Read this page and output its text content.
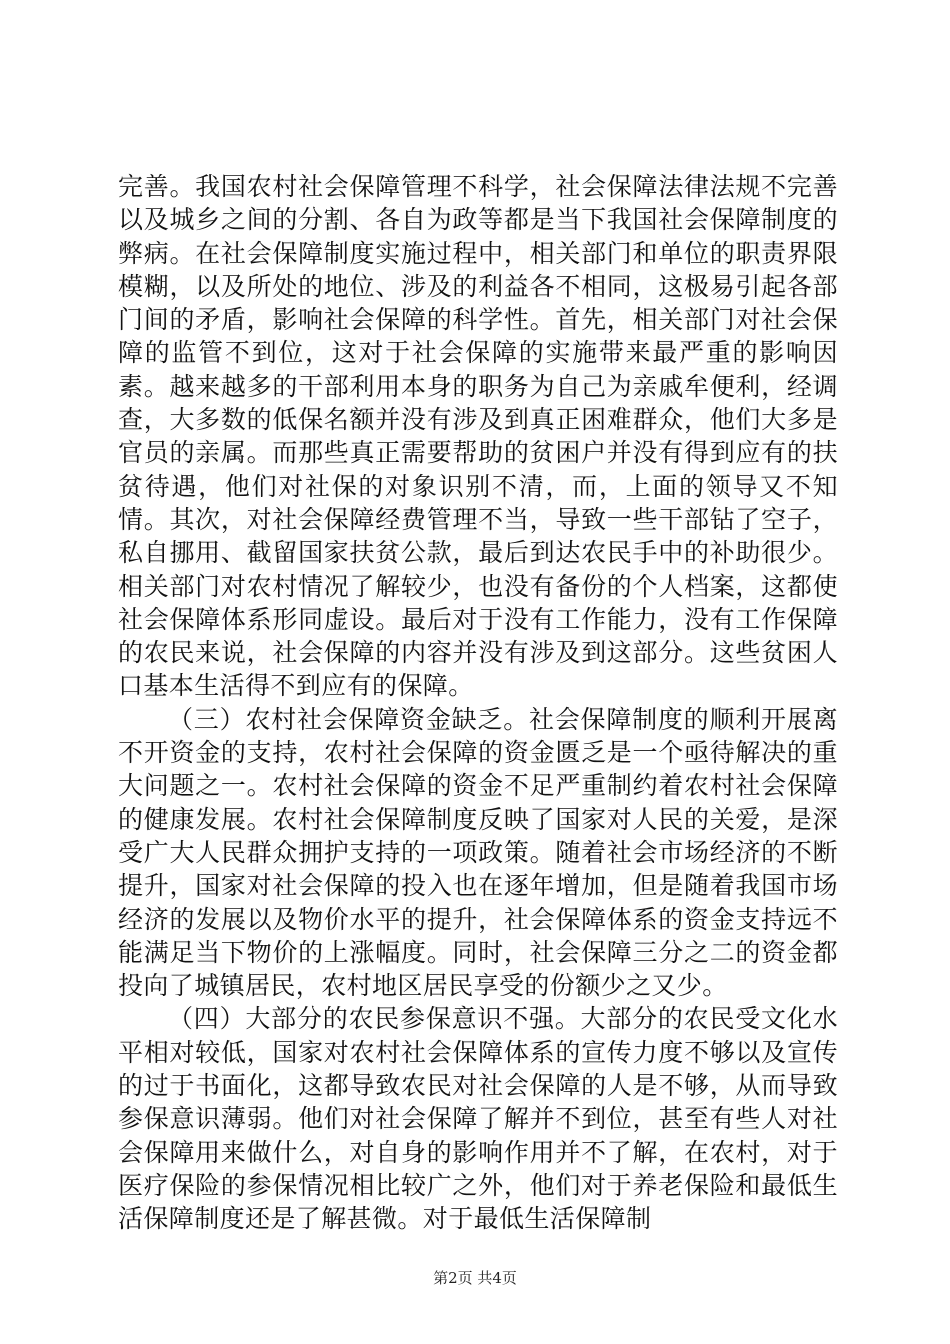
完善。我国农村社会保障管理不科学，社会保障法律法规不完善以及城乡之间的分割、各自为政等都是当下我国社会保障制度的弊病。在社会保障制度实施过程中，相关部门和单位的职责界限模糊，以及所处的地位、涉及的利益各不相同，这极易引起各部门间的矛盾，影响社会保障的科学性。首先，相关部门对社会保障的监管不到位，这对于社会保障的实施带来最严重的影响因素。越来越多的干部利用本身的职务为自己为亲戚牟便利，经调查，大多数的低保名额并没有涉及到真正困难群众，他们大多是官员的亲属。而那些真正需要帮助的贫困户并没有得到应有的扶贫待遇，他们对社保的对象识别不清，而，上面的领导又不知情。其次，对社会保障经费管理不当，导致一些干部钻了空子，私自挪用、截留国家扶贫公款，最后到达农民手中的补助很少。相关部门对农村情况了解较少，也没有备份的个人档案，这都使社会保障体系形同虚设。最后对于没有工作能力，没有工作保障的农民来说，社会保障的内容并没有涉及到这部分。这些贫困人口基本生活得不到应有的保障。

（三）农村社会保障资金缺乏。社会保障制度的顺利开展离不开资金的支持，农村社会保障的资金匮乏是一个亟待解决的重大问题之一。农村社会保障的资金不足严重制约着农村社会保障的健康发展。农村社会保障制度反映了国家对人民的关爱，是深受广大人民群众拥护支持的一项政策。随着社会市场经济的不断提升，国家对社会保障的投入也在逐年增加，但是随着我国市场经济的发展以及物价水平的提升，社会保障体系的资金支持远不能满足当下物价的上涨幅度。同时，社会保障三分之二的资金都投向了城镇居民，农村地区居民享受的份额少之又少。

（四）大部分的农民参保意识不强。大部分的农民受文化水平相对较低，国家对农村社会保障体系的宣传力度不够以及宣传的过于书面化，这都导致农民对社会保障的人是不够，从而导致参保意识薄弱。他们对社会保障了解并不到位，甚至有些人对社会保障用来做什么，对自身的影响作用并不了解，在农村，对于医疗保险的参保情况相比较广之外，他们对于养老保险和最低生活保障制度还是了解甚微。对于最低生活保障制

第2页 共4页
